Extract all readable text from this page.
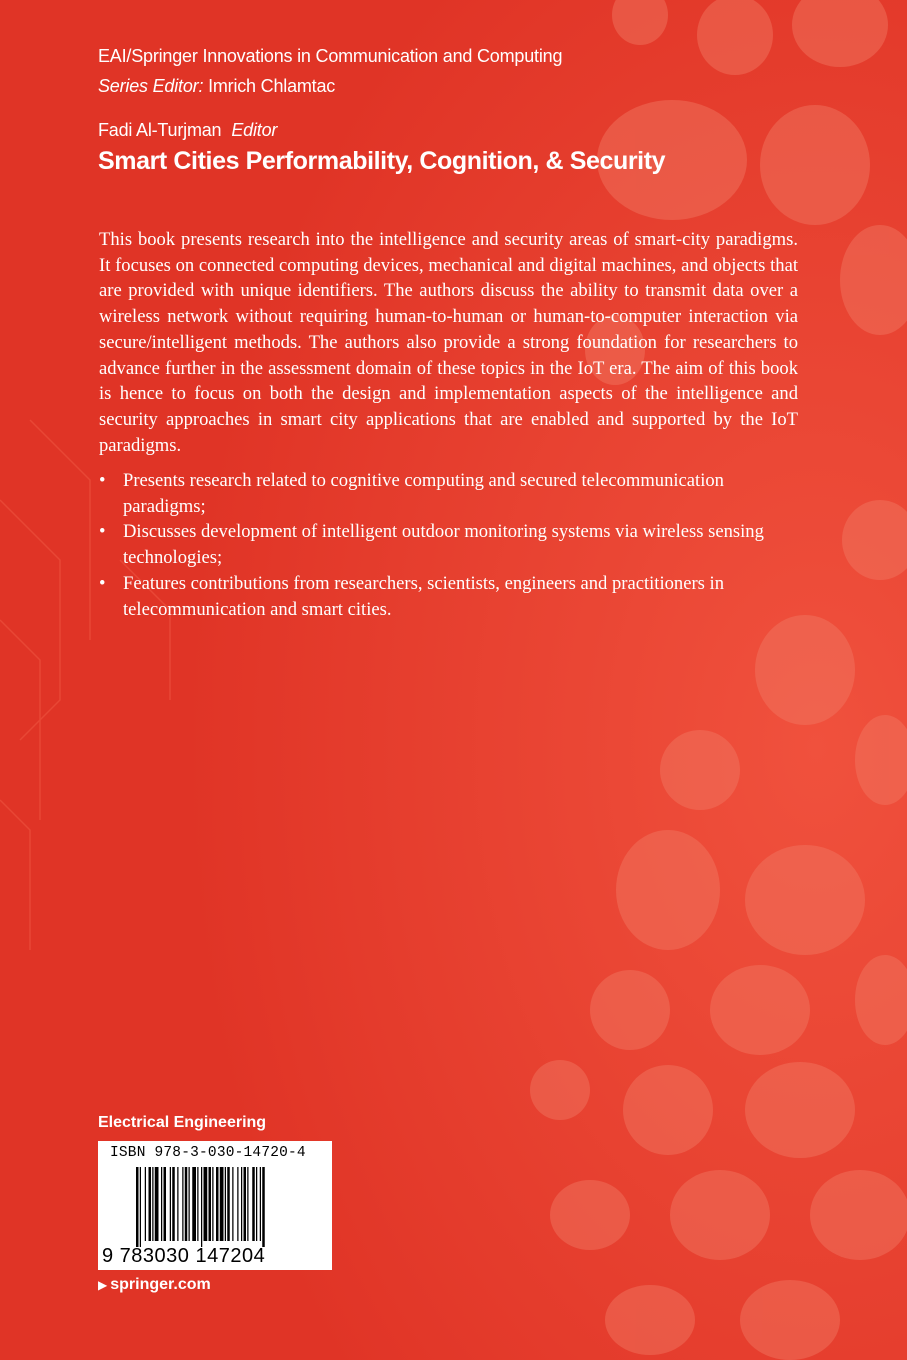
EAI/Springer Innovations in Communication and Computing
Series Editor: Imrich Chlamtac
Fadi Al-Turjman Editor
Smart Cities Performability, Cognition, & Security

This book presents research into the intelligence and security areas of smart-city paradigms. It focuses on connected computing devices, mechanical and digital machines, and objects that are provided with unique identifiers. The authors discuss the ability to transmit data over a wireless network without requiring human-to-human or human-to-computer interaction via secure/intelligent methods. The authors also provide a strong foundation for researchers to advance further in the assessment domain of these topics in the IoT era. The aim of this book is hence to focus on both the design and implementation aspects of the intelligence and security approaches in smart city applications that are enabled and supported by the IoT paradigms.

• Presents research related to cognitive computing and secured telecommunication paradigms;
• Discusses development of intelligent outdoor monitoring systems via wireless sensing technologies;
• Features contributions from researchers, scientists, engineers and practitioners in telecommunication and smart cities.
Electrical Engineering
ISBN 978-3-030-14720-4
9 783030 147204
▶ springer.com
